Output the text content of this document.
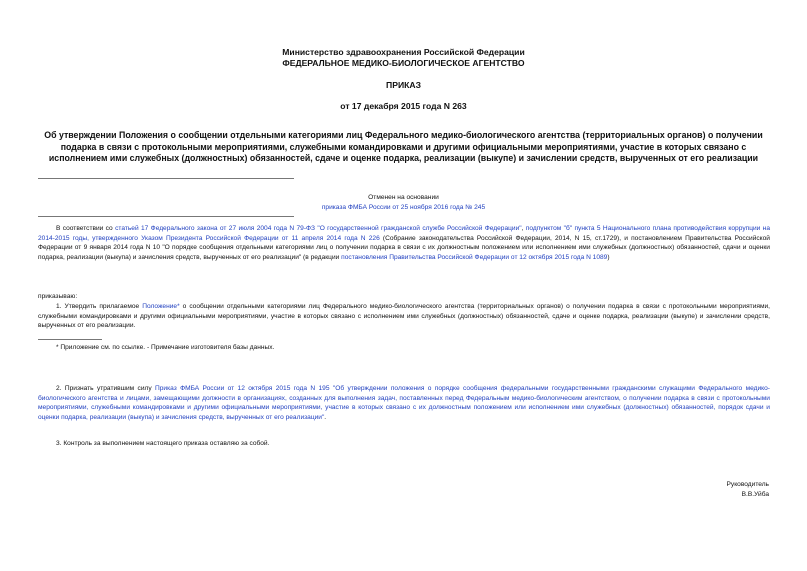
Министерство здравоохранения Российской Федерации
ФЕДЕРАЛЬНОЕ МЕДИКО-БИОЛОГИЧЕСКОЕ АГЕНТСТВО
ПРИКАЗ
от 17 декабря 2015 года N 263
Об утверждении Положения о сообщении отдельными категориями лиц Федерального медико-биологического агентства (территориальных органов) о получении
подарка в связи с протокольными мероприятиями, служебными командировками и другими официальными мероприятиями, участие в которых связано с
исполнением ими служебных (должностных) обязанностей, сдаче и оценке подарка, реализации (выкупе) и зачислении средств, вырученных от его реализации
Отменен на основании
приказа ФМБА России от 25 ноября 2016 года № 245
В соответствии со статьей 17 Федерального закона от 27 июля 2004 года N 79-ФЗ "О государственной гражданской службе Российской Федерации", подпунктом "б" пункта 5 Национального плана противодействия коррупции на 2014-2015 годы, утвержденного Указом Президента Российской Федерации от 11 апреля 2014 года N 226 (Собрание законодательства Российской Федерации, 2014, N 15, ст.1729), и постановлением Правительства Российской Федерации от 9 января 2014 года N 10 "О порядке сообщения отдельными категориями лиц о получении подарка в связи с их должностным положением или исполнением ими служебных (должностных) обязанностей, сдачи и оценки подарка, реализации (выкупа) и зачисления средств, вырученных от его реализации" (в редакции постановления Правительства Российской Федерации от 12 октября 2015 года N 1089)
приказываю:
1. Утвердить прилагаемое Положение* о сообщении отдельными категориями лиц Федерального медико-биологического агентства (территориальных органов) о получении подарка в связи с протокольными мероприятиями, служебными командировками и другими официальными мероприятиями, участие в которых связано с исполнением ими служебных (должностных) обязанностей, сдаче и оценке подарка, реализации (выкупе) и зачислении средств, вырученных от его реализации.
* Приложение см. по ссылке. - Примечание изготовителя базы данных.
2. Признать утратившим силу Приказ ФМБА России от 12 октября 2015 года N 195 "Об утверждении положения о порядке сообщения федеральными государственными гражданскими служащими Федерального медико-биологического агентства и лицами, замещающими должности в организациях, созданных для выполнения задач, поставленных перед Федеральным медико-биологическим агентством, о получении подарка в связи с протокольными мероприятиями, служебными командировками и другими официальными мероприятиями, участие в которых связано с их должностным положением или исполнением ими служебных (должностных) обязанностей, порядок сдачи и оценки подарка, реализации (выкупа) и зачисления средств, вырученных от его реализации".
3. Контроль за выполнением настоящего приказа оставляю за собой.
Руководитель
В.В.Уйба
